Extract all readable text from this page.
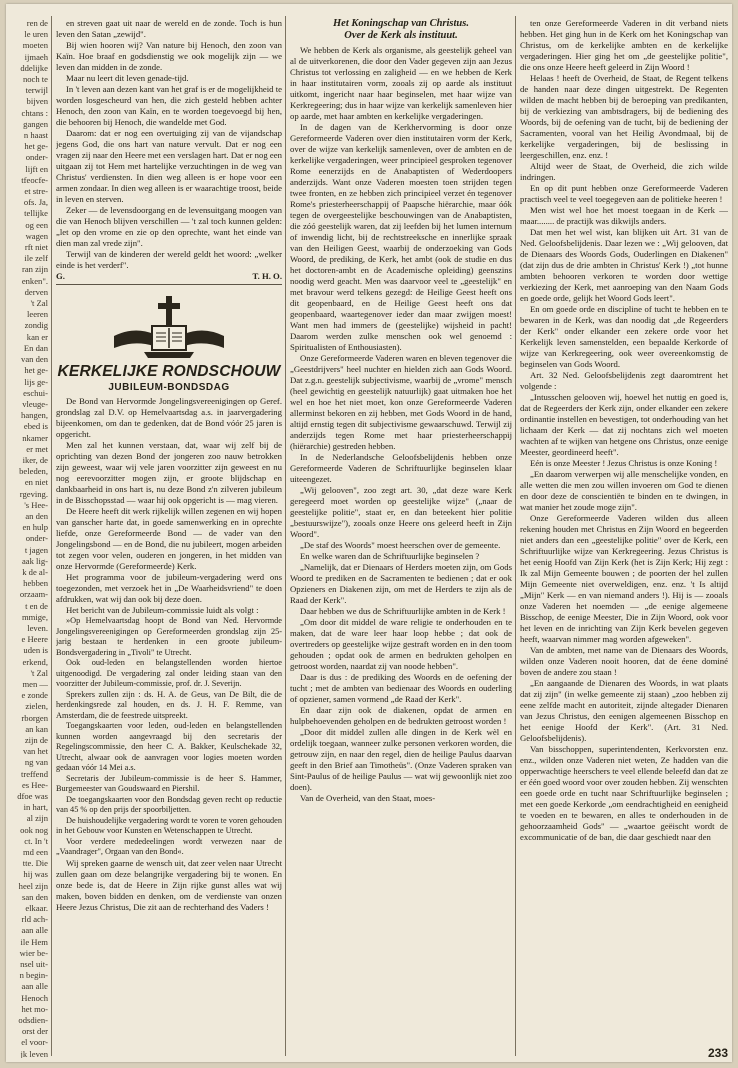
ren de

le uren

moeten

ijmaeh

ddelijke

noch te

terwijl

bijven

chtans :

gangen

n haast

het ge-

onder-

lijft en

tfeocfe-

et stre-

ofs. Ja,

tellijke

og een

wagen

rft niet

ile zelf

ran zijn

enken".

derven

't Zal

leeren

zondig

kan er

En dan

van den

het ge-

lijs ge-

eschui-

vleuge-

hangen,

ebed is

nkamer

er met

iker, de

beleden,

en niet

rgeving.

's Hee-

an den

en hulp

onder-

t jagen

aak lig-

k de al-

hebben

orzaam-

t en de

mmige,

leven.

e Heere

uden is

erkend,

't Zal

men —

e zonde

zielen,

rborgen

an kan

zijn de

van het

ng van

treffend

es Hee-

dfoe was

in hart,

al zijn

ook nog

ct. In 't

md een

tte. Die

hij was

heel zijn

san den

elkaar.

rld ach-

aan alle

ile Hem

wier be-

nsel uit-

n begin-

aan alle

Henoch

het mo-

odsdien-

orst der

el voor-

jk leven

en streven gaat uit naar de wereld en de zonde. Toch is hun leven den Satan „zewijd".

Bij wien hooren wij? Van nature bij Henoch, den zoon van Kaïn. Hoe braaf en godsdienstig we ook mogelijk zijn — we leven dan midden in de zonde.

Maar nu leert dit leven genade-tijd.

In 't leven aan dezen kant van het graf is er de mogelijkheid te worden losgescheurd van hen, die zich gesteld hebben achter Henoch, den zoon van Kaïn, en te worden toegevoegd bij hen, die behooren bij Henoch, die wandelde met God.

Daarom: dat er nog een overtuiging zij van de vijandschap jegens God, die ons hart van nature vervult. Dat er nog een vragen zij naar den Heere met een verslagen hart. Dat er nog een uitgaan zij tot Hem met hartelijke verzuchtingen in de weg van Christus' verdiensten. In dien weg alleen is er hope voor een armen zondaar. In dien weg alleen is er waarachtige troost, beide in leven en sterven.

Zeker — de levensdoorgang en de levensuitgang moogen van die van Henoch blijven verschillen — 't zal toch kunnen gelden: „let op den vrome en zie op den oprechte, want het einde van dien man zal vrede zijn".

Terwijl van de kinderen der wereld geldt het woord: „welker einde is het verderf".

G.	T. H. O.

KERKELIJKE RONDSCHOUW

JUBILEUM-BONDSDAG

De Bond van Hervormde Jongelingsvereenigingen op Geref. grondslag zal D.V. op Hemelvaartsdag a.s. in jaarvergadering bijeenkomen, om dan te gedenken, dat de Bond vóór 25 jaren is opgericht.

Men zal het kunnen verstaan, dat, waar wij zelf bij de oprichting van dezen Bond der jongeren zoo nauw betrokken zijn geweest, waar wij vele jaren voorzitter zijn geweest en nu nog eerevoorzitter mogen zijn, er groote blijdschap en dankbaarheid in ons hart is, nu deze Bond z'n zilveren jubileum in de Bisschopsstad — waar hij ook opgericht is — mag vieren.

De Heere heeft dit werk rijkelijk willen zegenen en wij hopen van ganscher harte dat, in goede samenwerking en in oprechte liefde, onze Gereformeerde Bond — de vader van den Jongelingsbond — en de Bond, die nu jubileert, mogen arbeiden tot zegen voor velen, ouderen en jongeren, in het midden van onze Hervormde (Gereformeerde) Kerk.

Het programma voor de jubileum-vergadering werd ons toegezonden, met verzoek het in „De Waarheidsvriend" te doen afdrukken, wat wij dan ook bij deze doen.

Het bericht van de Jubileum-commissie luidt als volgt :

»Op Hemelvaartsdag hoopt de Bond van Ned. Hervormde Jongelingsvereenigingen op Gereformeerden grondslag zijn 25-jarig bestaan te herdenken in een groote jubileum-Bondsvergadering in „Tivoli" te Utrecht.

Ook oud-leden en belangstellenden worden hiertoe uitgenoodigd. De vergadering zal onder leiding staan van den voorzitter der Jubileum-commissie, prof. dr. J. Severijn.

Sprekers zullen zijn : ds. H. A. de Geus, van De Bilt, die de herdenkingsrede zal houden, en ds. J. H. F. Remme, van Amsterdam, die de feestrede uitspreekt.

Toegangskaarten voor leden, oud-leden en belangstellenden kunnen worden aangevraagd bij den secretaris der Regelingscommissie, den heer C. A. Bakker, Keulschekade 32, Utrecht, alwaar ook de aanvragen voor logies moeten worden gedaan vóór 14 Mei a.s.

Secretaris der Jubileum-commissie is de heer S. Hammer, Burgemeester van Goudswaard en Piershil.

De toegangskaarten voor den Bondsdag geven recht op reductie van 45 % op den prijs der spoorbiljetten.

De huishoudelijke vergadering wordt te voren te voren gehouden in het Gebouw voor Kunsten en Wetenschappen te Utrecht.

Voor verdere mededeelingen wordt verwezen naar de „Vaandrager", Orgaan van den Bond«.

Wij spreken gaarne de wensch uit, dat zeer velen naar Utrecht zullen gaan om deze belangrijke vergadering bij te wonen. En onze bede is, dat de Heere in Zijn rijke gunst alles wat wij maken, boven bidden en denken, om de verdienste van onzen Heere Jezus Christus, Die zit aan de rechterhand des Vaders !

Het Koningschap van Christus.
Over de Kerk als instituut.

We hebben de Kerk als organisme, als geestelijk geheel van al de uitverkorenen, die door den Vader gegeven zijn aan Jezus Christus tot verlossing en zaligheid — en we hebben de Kerk in haar institutairen vorm, zooals zij op aarde als instituut uitkomt, ingericht naar haar beginselen, met haar wijze van Kerkregeering; dus in haar wijze van kerkelijk samenleven hier op aarde, met haar ambten en kerkelijke vergaderingen.

In de dagen van de Kerkhervorming is door onze Gereformeerde Vaderen over dien institutairen vorm der Kerk, over de wijze van kerkelijk samenleven, over de ambten en de kerkelijke vergaderingen, weer principieel gesproken tegenover Rome eenerzijds en de Anabaptisten of Wederdoopers anderzijds. Want onze Vaderen moesten toen strijden tegen twee fronten, en ze hebben zich principieel verzet én tegenover Rome's priesterheerschappij of Paapsche hiërarchie, maar óók tegen de overgeestelijke beschouwingen van de Anabaptisten, die zóó geestelijk waren, dat zij leefden bij het lumen internum of inwendig licht, bij de rechtstreeksche en innerlijke spraak van den Heiligen Geest, waarbij de onderzoeking van Gods Woord, de prediking, de Kerk, het ambt (ook de studie en dus het doctoren-ambt en de Academische opleiding) geenszins noodig werd geacht. Men was daarvoor veel te „geestelijk" en met bravour werd telkens gezegd: de Heilige Geest heeft ons dit geopenbaard, en de Heilige Geest heeft ons dat geopenbaard, waartegenover ieder dan maar zwijgen moest! Want men had immers de (geestelijke) wijsheid in pacht! Daarom werden zulke menschen ook wel genoemd : Spiritualisten of Enthousiasten).

Onze Gereformeerde Vaderen waren en bleven tegenover die „Geestdrijvers" heel nuchter en hielden zich aan Gods Woord. Dat z.g.n. geestelijk subjectivisme, waarbij de „vrome" mensch (heel gewichtig en geestelijk natuurlijk) gaat uitmaken hoe het wel en hoe het niet moet, kon onze Gereformeerde Vaderen allerminst bekoren en zij hebben, met Gods Woord in de hand, altijd ernstig tegen dit subjectivisme gewaarschuwd. Terwijl zij anderzijds tegen Rome met haar priesterheerschappij (hiërarchie) gestreden hebben.

In de Nederlandsche Geloofsbelijdenis hebben onze Gereformeerde Vaderen de Schriftuurlijke beginselen klaar uiteengezet.

„Wij gelooven", zoo zegt art. 30, „dat deze ware Kerk geregeerd moet worden op geestelijke wijze" („naar de geestelijke politie", staat er, en dan beteekent hier politie „bestuurswijze"), zooals onze Heere ons geleerd heeft in Zijn Woord".

„De staf des Woords" moest heerschen over de gemeente.

En welke waren dan de Schriftuurlijke beginselen ?

„Namelijk, dat er Dienaars of Herders moeten zijn, om Gods Woord te prediken en de Sacramenten te bedienen ; dat er ook Opzieners en Diakenen zijn, om met de Herders te zijn als de Raad der Kerk".

Daar hebben we dus de Schriftuurlijke ambten in de Kerk !

„Om door dit middel de ware religie te onderhouden en te maken, dat de ware leer haar loop hebbe ; dat ook de overtreders op geestelijke wijze gestraft worden en in den toom gehouden ; opdat ook de armen en bedrukten geholpen en getroost worden, naardat zij van noode hebben".

Daar is dus : de prediking des Woords en de oefening der tucht ; met de ambten van bedienaar des Woords en ouderling of opziener, samen vormend „de Raad der Kerk".

En daar zijn ook de diakenen, opdat de armen en hulpbehoevenden geholpen en de bedrukten getroost worden !

„Door dit middel zullen alle dingen in de Kerk wèl en ordelijk toegaan, wanneer zulke personen verkoren worden, die getrouw zijn, en naar den regel, dien de heilige Paulus daarvan geeft in den Brief aan Timotheüs". (Onze Vaderen spraken van Sint-Paulus of de heilige Paulus — wat wij gewoonlijk niet zoo doen).

Van de Overheid, van den Staat, moes-

ten onze Gereformeerde Vaderen in dit verband niets hebben. Het ging hun in de Kerk om het Koningschap van Christus, om de kerkelijke ambten en de kerkelijke vergaderingen. Hier ging het om „de geestelijke politie", die ons onze Heere heeft geleerd in Zijn Woord !

Helaas ! heeft de Overheid, de Staat, de Regent telkens de handen naar deze dingen uitgestrekt. De Regenten wilden de macht hebben bij de beroeping van predikanten, bij de verkiezing van ambtsdragers, bij de bediening des Woords, bij de oefening van de tucht, bij de bediening der Sacramenten, vooral van het Heilig Avondmaal, bij de kerkelijke vergaderingen, bij de beslissing in leergeschillen, enz. enz. !

Altijd weer de Staat, de Overheid, die zich wilde indringen.

En op dit punt hebben onze Gereformeerde Vaderen practisch veel te veel toegegeven aan de politieke heeren !

Men wist wel hoe het moest toegaan in de Kerk — maar........ de practijk was dikwijls anders.

Dat men het wel wist, kan blijken uit Art. 31 van de Ned. Geloofsbelijdenis. Daar lezen we : „Wij gelooven, dat de Dienaars des Woords Gods, Ouderlingen en Diakenen" (dat zijn dus de drie ambten in Christus' Kerk !) „tot hunne ambten behooren verkoren te worden door wettige verkiezing der Kerk, met aanroeping van den Naam Gods en goede orde, gelijk het Woord Gods leert".

En om goede orde en discipline of tucht te hebben en te bewaren in de Kerk, was dan noodig dat „de Regeerders der Kerk" onder elkander een zekere orde voor het Kerkelijk leven samenstelden, een bepaalde Kerkorde of wijze van Kerkregeering, ook weer overeenkomstig de beginselen van Gods Woord.

Art. 32 Ned. Geloofsbelijdenis zegt daaromtrent het volgende :

„Intusschen gelooven wij, hoewel het nuttig en goed is, dat de Regeerders der Kerk zijn, onder elkander een zekere ordinantie instellen en bevestigen, tot onderhouding van het lichaam der Kerk — dat zij nochtans zich wel moeten wachten af te wijken van hetgene ons Christus, onze eenige Meester, geordineerd heeft".

Eén is onze Meester ! Jezus Christus is onze Koning !

„En daarom verwerpen wij alle menschelijke vonden, en alle wetten die men zou willen invoeren om God te dienen en door deze de conscientiën te binden en te dwingen, in wat manier het zoude moge zijn".

Onze Gereformeerde Vaderen wilden dus alleen rekening houden met Christus en Zijn Woord en begeerden niet anders dan een „geestelijke politie" over de Kerk, een Schriftuurlijke wijze van Kerkregeering. Jezus Christus is het eenig Hoofd van Zijn Kerk (het is Zijn Kerk; Hij zegt : Ik zal Mijn Gemeente bouwen ; de poorten der hel zullen Mijn Gemeente niet overweldigen, enz. enz. 't Is altijd „Mijn" Kerk — en van niemand anders !). Hij is — zooals onze Vaderen het noemden — „de eenige algemeene Bisschop, de eenige Meester, Die in Zijn Woord, ook voor het leven en de inrichting van Zijn Kerk bevelen gegeven heeft, waarvan nimmer mag worden afgeweken".

Van de ambten, met name van de Dienaars des Woords, wilden onze Vaderen nooit hooren, dat de éene dominé boven de andere zou staan !

„En aangaande de Dienaren des Woords, in wat plaats dat zij zijn" (in welke gemeente zij staan) „zoo hebben zij eene zelfde macht en autoriteit, zijnde altegader Dienaren van Jezus Christus, den eenigen algemeenen Bisschop en het eenige Hoofd der Kerk". (Art. 31 Ned. Geloofsbelijdenis).

Van bisschoppen, superintendenten, Kerkvorsten enz. enz., wilden onze Vaderen niet weten, Ze hadden van die opperwachtige heerschers te veel ellende beleefd dan dat ze er één goed woord voor over zouden hebben. Zij wenschten een goede orde en tucht naar Schriftuurlijke beginselen ; met een goede Kerkorde „om eendrachtigheid en eenigheid te voeden en te bewaren, en alles te onderhouden in de gehoorzaamheid Gods" — „waartoe geëischt wordt de excommunicatie of de ban, die daar geschiedt naar den

233
